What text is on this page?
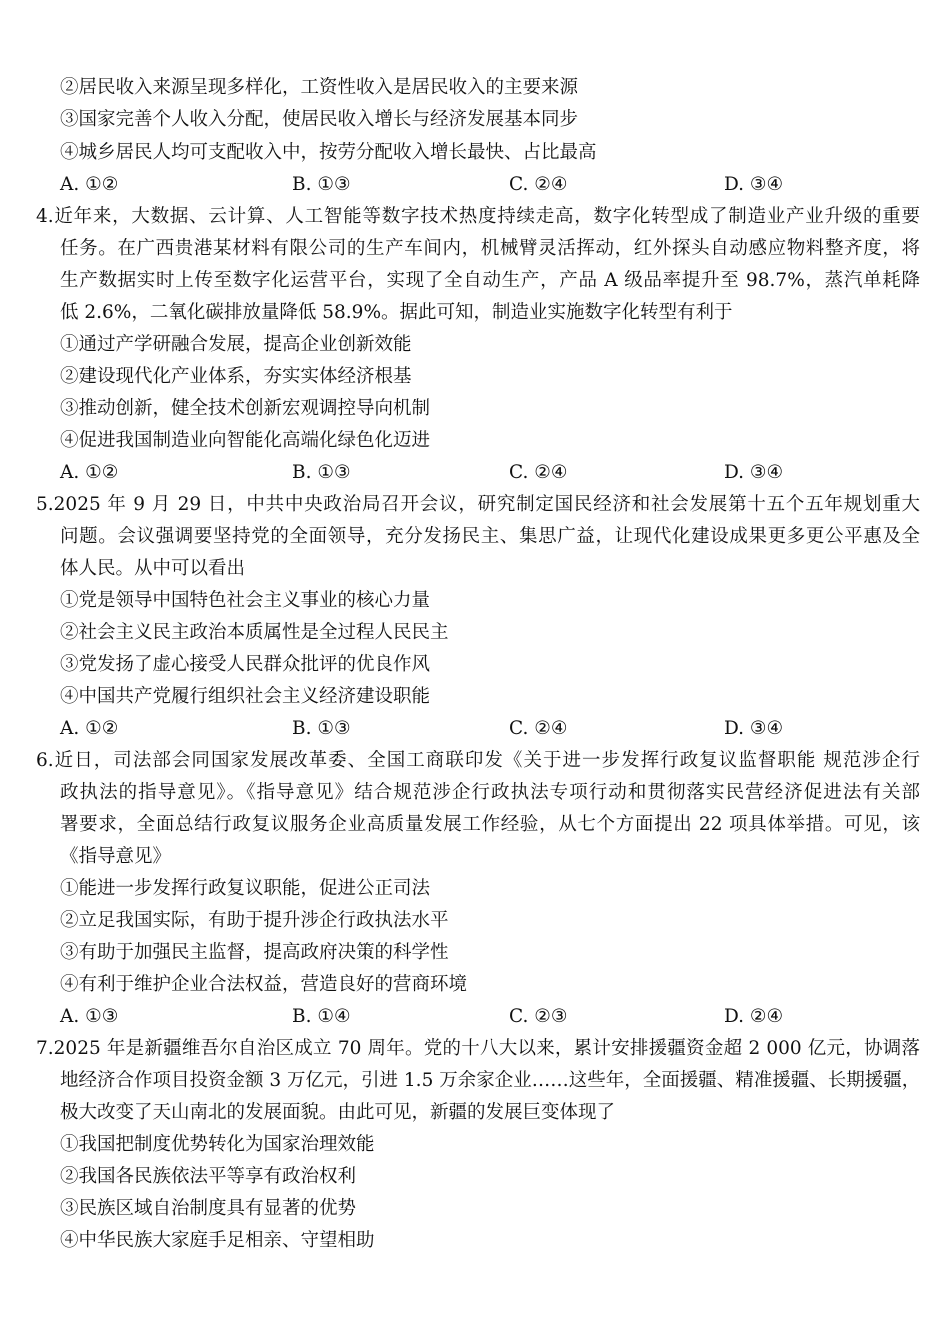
②居民收入来源呈现多样化，工资性收入是居民收入的主要来源
③国家完善个人收入分配，使居民收入增长与经济发展基本同步
④城乡居民人均可支配收入中，按劳分配收入增长最快、占比最高
A. ①②	B. ①③	C. ②④	D. ③④
4.近年来，大数据、云计算、人工智能等数字技术热度持续走高，数字化转型成了制造业产业升级的重要
任务。在广西贵港某材料有限公司的生产车间内，机械臂灵活挥动，红外探头自动感应物料整齐度，将
生产数据实时上传至数字化运营平台，实现了全自动生产，产品 A 级品率提升至 98.7%，蒸汽单耗降
低 2.6%，二氧化碳排放量降低 58.9%。据此可知，制造业实施数字化转型有利于
①通过产学研融合发展，提高企业创新效能
②建设现代化产业体系，夯实实体经济根基
③推动创新，健全技术创新宏观调控导向机制
④促进我国制造业向智能化高端化绿色化迈进
A. ①②	B. ①③	C. ②④	D. ③④
5.2025 年 9 月 29 日，中共中央政治局召开会议，研究制定国民经济和社会发展第十五个五年规划重大
问题。会议强调要坚持党的全面领导，充分发扬民主、集思广益，让现代化建设成果更多更公平惠及全
体人民。从中可以看出
①党是领导中国特色社会主义事业的核心力量
②社会主义民主政治本质属性是全过程人民民主
③党发扬了虚心接受人民群众批评的优良作风
④中国共产党履行组织社会主义经济建设职能
A. ①②	B. ①③	C. ②④	D. ③④
6.近日，司法部会同国家发展改革委、全国工商联印发《关于进一步发挥行政复议监督职能 规范涉企行
政执法的指导意见》。《指导意见》结合规范涉企行政执法专项行动和贯彻落实民营经济促进法有关部
署要求，全面总结行政复议服务企业高质量发展工作经验，从七个方面提出 22 项具体举措。可见，该
《指导意见》
①能进一步发挥行政复议职能，促进公正司法
②立足我国实际，有助于提升涉企行政执法水平
③有助于加强民主监督，提高政府决策的科学性
④有利于维护企业合法权益，营造良好的营商环境
A. ①③	B. ①④	C. ②③	D. ②④
7.2025 年是新疆维吾尔自治区成立 70 周年。党的十八大以来，累计安排援疆资金超 2 000 亿元，协调落
地经济合作项目投资金额 3 万亿元，引进 1.5 万余家企业……这些年，全面援疆、精准援疆、长期援疆，
极大改变了天山南北的发展面貌。由此可见，新疆的发展巨变体现了
①我国把制度优势转化为国家治理效能
②我国各民族依法平等享有政治权利
③民族区域自治制度具有显著的优势
④中华民族大家庭手足相亲、守望相助
